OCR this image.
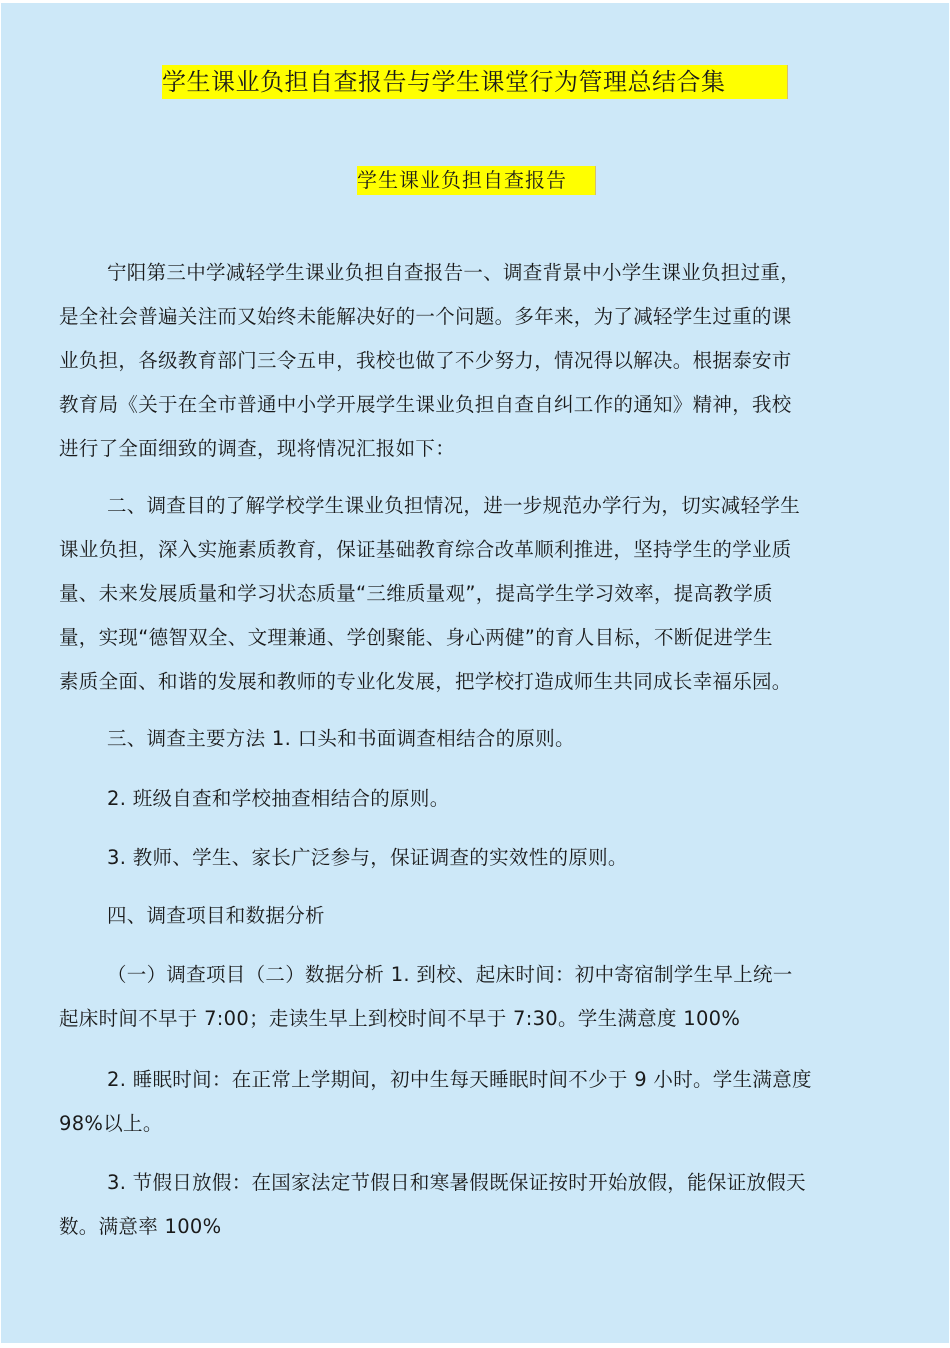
学生课业负担自查报告与学生课堂行为管理总结合集
学生课业负担自查报告
宁阳第三中学减轻学生课业负担自查报告一、调查背景中小学生课业负担过重，
是全社会普遍关注而又始终未能解决好的一个问题。多年来，为了减轻学生过重的课
业负担，各级教育部门三令五申，我校也做了不少努力，情况得以解决。根据泰安市
教育局《关于在全市普通中小学开展学生课业负担自查自纠工作的通知》精神，我校
进行了全面细致的调查，现将情况汇报如下：
二、调查目的了解学校学生课业负担情况，进一步规范办学行为，切实减轻学生
课业负担，深入实施素质教育，保证基础教育综合改革顺利推进，坚持学生的学业质
量、未来发展质量和学习状态质量“三维质量观”，提高学生学习效率，提高教学质
量，实现“德智双全、文理兼通、学创聚能、身心两健”的育人目标，不断促进学生
素质全面、和谐的发展和教师的专业化发展，把学校打造成师生共同成长幸福乐园。
三、调查主要方法 1. 口头和书面调查相结合的原则。
2. 班级自查和学校抽查相结合的原则。
3. 教师、学生、家长广泛参与，保证调查的实效性的原则。
四、调查项目和数据分析
（一）调查项目（二）数据分析 1. 到校、起床时间：初中寄宿制学生早上统一
起床时间不早于 7:00；走读生早上到校时间不早于 7:30。学生满意度 100%
2. 睡眠时间：在正常上学期间，初中生每天睡眠时间不少于 9 小时。学生满意度
98%以上。
3. 节假日放假：在国家法定节假日和寒暑假既保证按时开始放假，能保证放假天
数。满意率 100%
